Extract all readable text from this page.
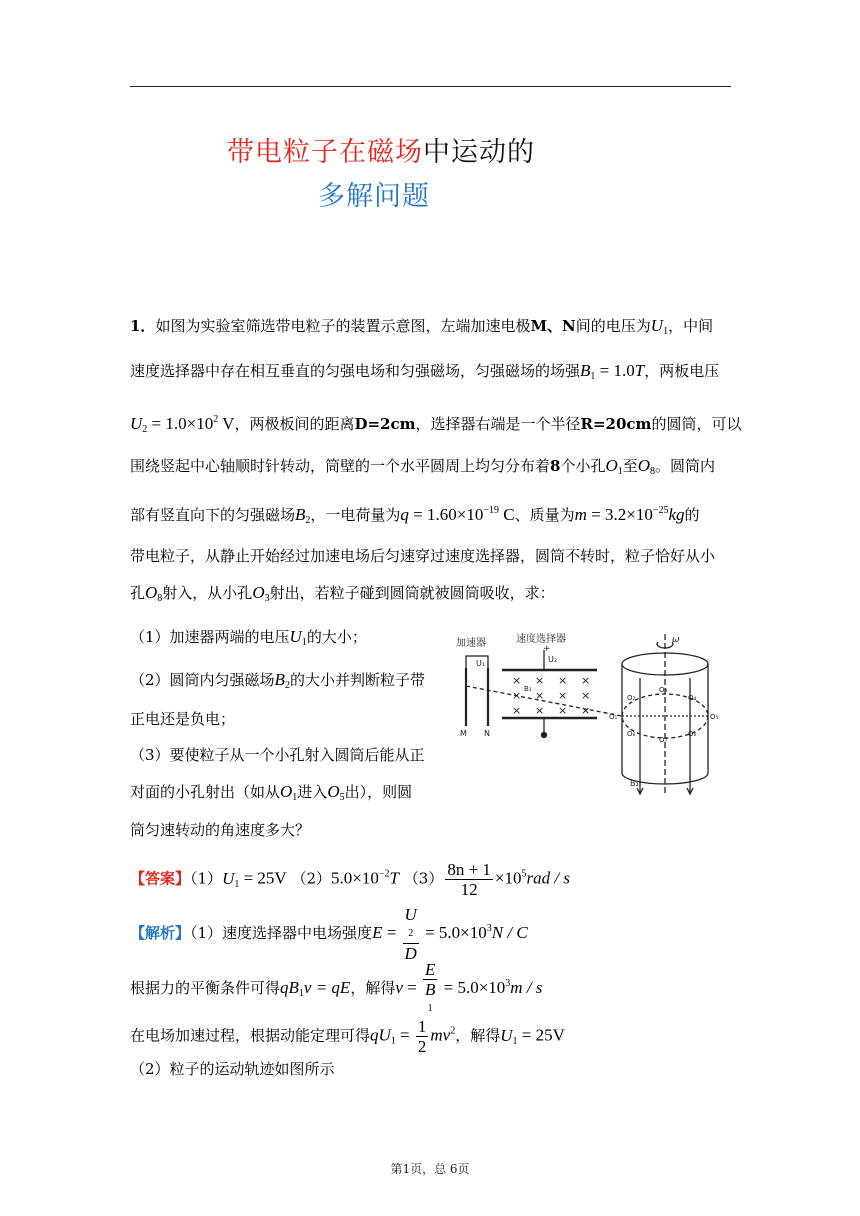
带电粒子在磁场中运动的
多解问题
1．如图为实验室筛选带电粒子的装置示意图，左端加速电极M、N间的电压为$U_1$，中间
速度选择器中存在相互垂直的匀强电场和匀强磁场，匀强磁场的场强$B_1 = 1.0T$，两板电压
$U_2 = 1.0\times 10^2$ V，两极板间的距离D=2cm，选择器右端是一个半径R=20cm的圆筒，可以
围绕竖起中心轴顺时针转动，筒壁的一个水平圆周上均匀分布着8个小孔$O_1$至$O_8$。圆筒内
部有竖直向下的匀强磁场$B_2$，一电荷量为$q = 1.60\times 10^{-19}$ C、质量为$m = 3.2\times 10^{-25}kg$的
带电粒子，从静止开始经过加速电场后匀速穿过速度选择器，圆筒不转时，粒子恰好从小
孔$O_8$射入，从小孔$O_3$射出，若粒子碰到圆筒就被圆筒吸收，求：
（1）加速器两端的电压$U_1$的大小；
（2）圆筒内匀强磁场$B_2$的大小并判断粒子带
正电还是负电；
（3）要使粒子从一个小孔射入圆筒后能从正
对面的小孔射出（如从$O_1$进入$O_5$出），则圆
筒匀速转动的角速度多大？
【答案】$(1)U_1 = 25V$ $(2)5.0\times 10^{-2}T$ $(3) \frac{8n + 1}{12} \times 10^5rad / s$
【解析】（1）速度选择器中电场强度E = U
2
$D = 5.0\times 10^3N / C$
根据力的平衡条件可得$qB_1v$ = qE，解得v = E
B
$1 = 5.0\times 10^3m / s$
在电场加速过程，根据动能定理可得$qU_1 = \frac{1}{2} mv^2$，解得$U_1 = 25V$
（2）粒子的运动轨迹如图所示
加速器	速度选择器
U₁	U₂
+
B₁
M N
B₂
ω
× × × ×
× × × ×
× × × ×	O₁
O₂
O₃
O₄
O₅
O₆
O₇
O₈
第1页，总 6页
